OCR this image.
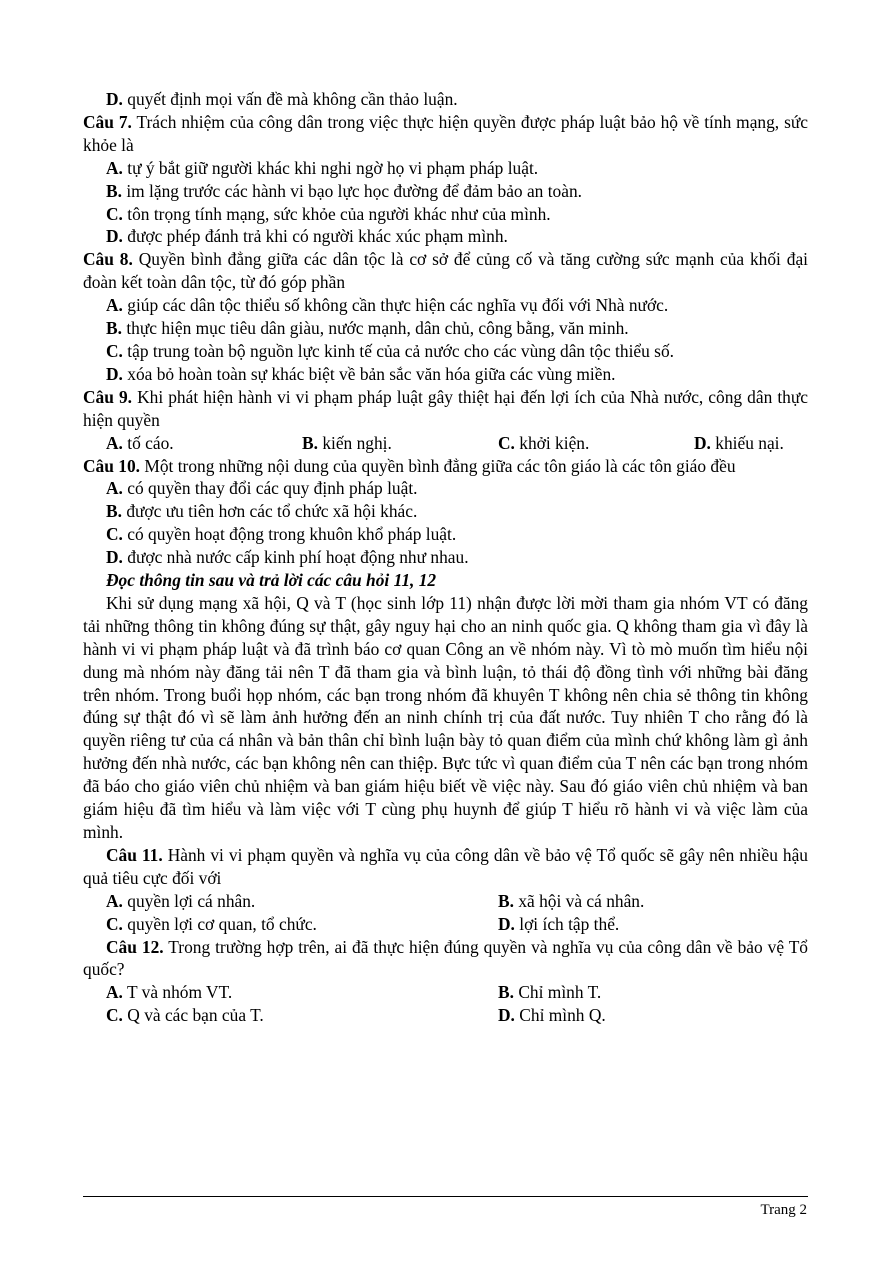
D. quyết định mọi vấn đề mà không cần thảo luận.
Câu 7. Trách nhiệm của công dân trong việc thực hiện quyền được pháp luật bảo hộ về tính mạng, sức khỏe là
A. tự ý bắt giữ người khác khi nghi ngờ họ vi phạm pháp luật.
B. im lặng trước các hành vi bạo lực học đường để đảm bảo an toàn.
C. tôn trọng tính mạng, sức khỏe của người khác như của mình.
D. được phép đánh trả khi có người khác xúc phạm mình.
Câu 8. Quyền bình đẳng giữa các dân tộc là cơ sở để củng cố và tăng cường sức mạnh của khối đại đoàn kết toàn dân tộc, từ đó góp phần
A. giúp các dân tộc thiểu số không cần thực hiện các nghĩa vụ đối với Nhà nước.
B. thực hiện mục tiêu dân giàu, nước mạnh, dân chủ, công bằng, văn minh.
C. tập trung toàn bộ nguồn lực kinh tế của cả nước cho các vùng dân tộc thiểu số.
D. xóa bỏ hoàn toàn sự khác biệt về bản sắc văn hóa giữa các vùng miền.
Câu 9. Khi phát hiện hành vi vi phạm pháp luật gây thiệt hại đến lợi ích của Nhà nước, công dân thực hiện quyền
A. tố cáo.	B. kiến nghị.	C. khởi kiện.	D. khiếu nại.
Câu 10. Một trong những nội dung của quyền bình đẳng giữa các tôn giáo là các tôn giáo đều
A. có quyền thay đổi các quy định pháp luật.
B. được ưu tiên hơn các tổ chức xã hội khác.
C. có quyền hoạt động trong khuôn khổ pháp luật.
D. được nhà nước cấp kinh phí hoạt động như nhau.
Đọc thông tin sau và trả lời các câu hỏi 11, 12
Khi sử dụng mạng xã hội, Q và T (học sinh lớp 11) nhận được lời mời tham gia nhóm VT có đăng tải những thông tin không đúng sự thật, gây nguy hại cho an ninh quốc gia. Q không tham gia vì đây là hành vi vi phạm pháp luật và đã trình báo cơ quan Công an về nhóm này. Vì tò mò muốn tìm hiểu nội dung mà nhóm này đăng tải nên T đã tham gia và bình luận, tỏ thái độ đồng tình với những bài đăng trên nhóm. Trong buổi họp nhóm, các bạn trong nhóm đã khuyên T không nên chia sẻ thông tin không đúng sự thật đó vì sẽ làm ảnh hưởng đến an ninh chính trị của đất nước. Tuy nhiên T cho rằng đó là quyền riêng tư của cá nhân và bản thân chỉ bình luận bày tỏ quan điểm của mình chứ không làm gì ảnh hưởng đến nhà nước, các bạn không nên can thiệp. Bực tức vì quan điểm của T nên các bạn trong nhóm đã báo cho giáo viên chủ nhiệm và ban giám hiệu biết về việc này. Sau đó giáo viên chủ nhiệm và ban giám hiệu đã tìm hiểu và làm việc với T cùng phụ huynh để giúp T hiểu rõ hành vi và việc làm của mình.
Câu 11. Hành vi vi phạm quyền và nghĩa vụ của công dân về bảo vệ Tổ quốc sẽ gây nên nhiều hậu quả tiêu cực đối với
A. quyền lợi cá nhân.	B. xã hội và cá nhân.
C. quyền lợi cơ quan, tổ chức.	D. lợi ích tập thể.
Câu 12. Trong trường hợp trên, ai đã thực hiện đúng quyền và nghĩa vụ của công dân về bảo vệ Tổ quốc?
A. T và nhóm VT.	B. Chỉ mình T.
C. Q và các bạn của T.	D. Chỉ mình Q.
Trang 2
